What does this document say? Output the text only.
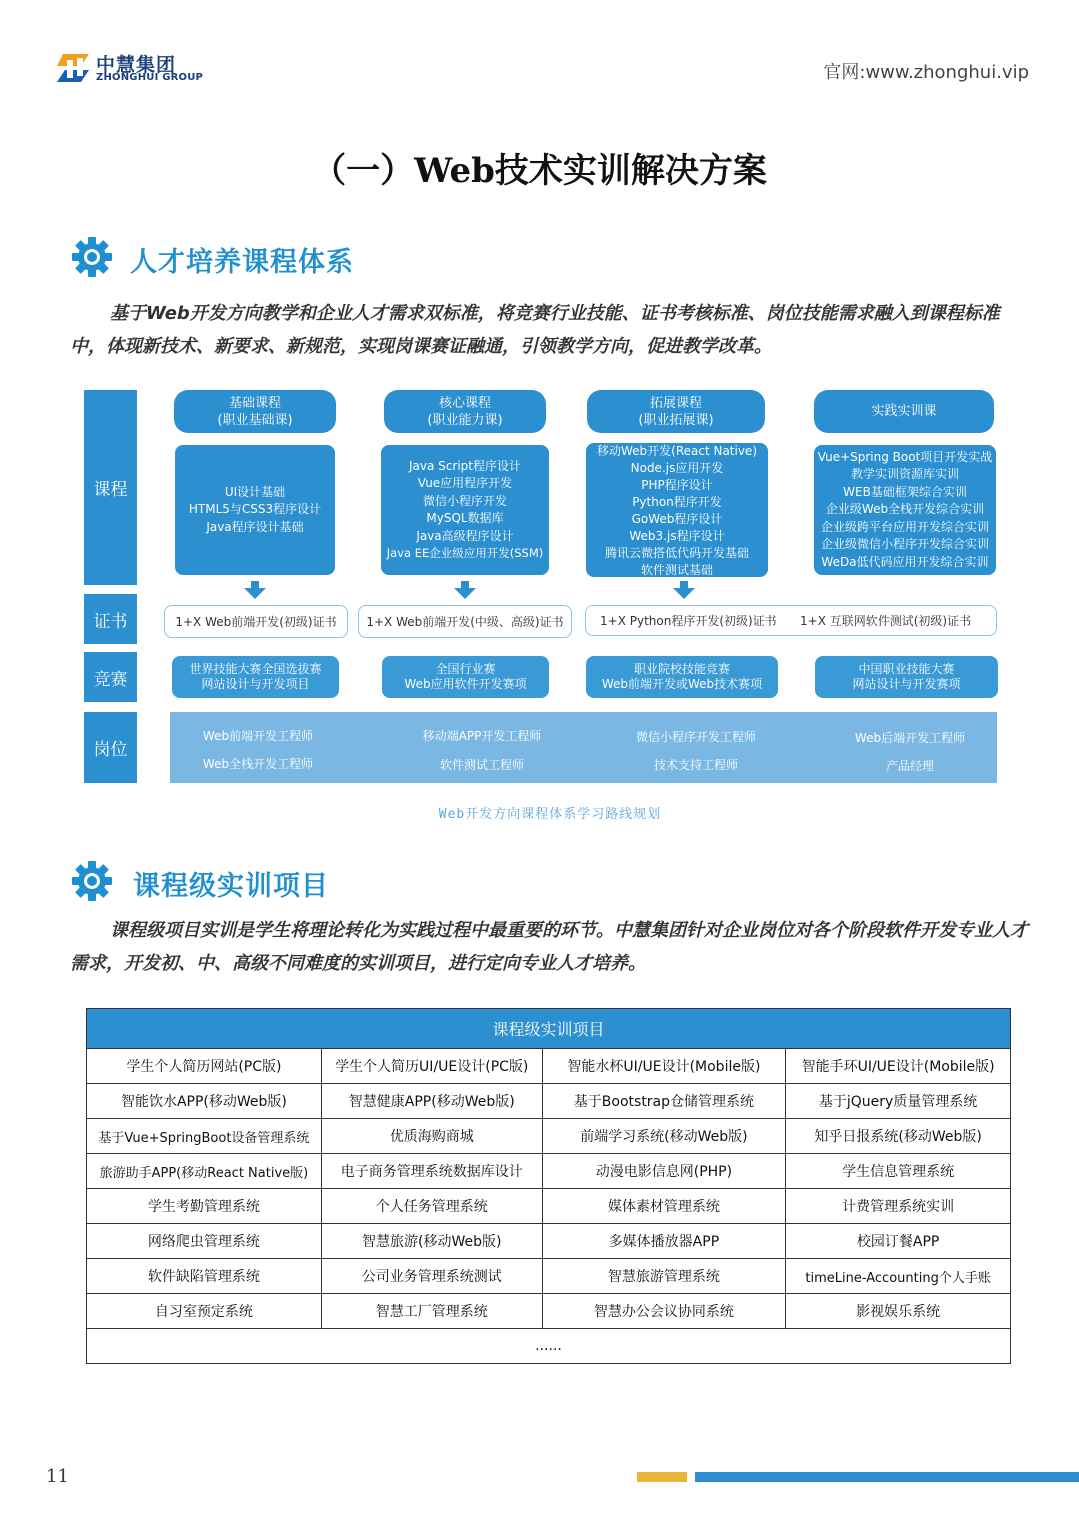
中慧集团
ZHONGHUI GROUP	官网:www.zhonghui.vip
（一）Web技术实训解决方案
人才培养课程体系
基于Web开发方向教学和企业人才需求双标准，将竞赛行业技能、证书考核标准、岗位技能需求融入到课程标准中，体现新技术、新要求、新规范，实现岗课赛证融通，引领教学方向，促进教学改革。
课程
证书
竞赛
岗位
基础课程
(职业基础课)
核心课程
(职业能力课)
拓展课程
(职业拓展课)
实践实训课
UI设计基础
HTML5与CSS3程序设计
Java程序设计基础
Java Script程序设计
Vue应用程序开发
微信小程序开发
MySQL数据库
Java高级程序设计
Java EE企业级应用开发(SSM)
移动Web开发(React Native)
Node.js应用开发
PHP程序设计
Python程序开发
GoWeb程序设计
Web3.js程序设计
腾讯云微搭低代码开发基础
软件测试基础
Vue+Spring Boot项目开发实战
教学实训资源库实训
WEB基础框架综合实训
企业级Web全栈开发综合实训
企业级跨平台应用开发综合实训
企业级微信小程序开发综合实训
WeDa低代码应用开发综合实训
1+X Web前端开发(初级)证书	1+X Web前端开发(中级、高级)证书	1+X Python程序开发(初级)证书	1+X 互联网软件测试(初级)证书
世界技能大赛全国选拔赛
网站设计与开发项目
全国行业赛
Web应用软件开发赛项
职业院校技能竞赛
Web前端开发或Web技术赛项
中国职业技能大赛
网站设计与开发赛项
Web前端开发工程师
Web全栈开发工程师
移动端APP开发工程师
软件测试工程师
微信小程序开发工程师
技术支持工程师
Web后端开发工程师
产品经理
Web开发方向课程体系学习路线规划
课程级实训项目
课程级项目实训是学生将理论转化为实践过程中最重要的环节。中慧集团针对企业岗位对各个阶段软件开发专业人才需求，开发初、中、高级不同难度的实训项目，进行定向专业人才培养。
课程级实训项目			
学生个人简历网站(PC版)	学生个人简历UI/UE设计(PC版)	智能水杯UI/UE设计(Mobile版)	智能手环UI/UE设计(Mobile版)
智能饮水APP(移动Web版)	智慧健康APP(移动Web版)	基于Bootstrap仓储管理系统	基于jQuery质量管理系统
基于Vue+SpringBoot设备管理系统	优质海购商城	前端学习系统(移动Web版)	知乎日报系统(移动Web版)
旅游助手APP(移动React Native版)	电子商务管理系统数据库设计	动漫电影信息网(PHP)	学生信息管理系统
学生考勤管理系统	个人任务管理系统	媒体素材管理系统	计费管理系统实训
网络爬虫管理系统	智慧旅游(移动Web版)	多媒体播放器APP	校园订餐APP
软件缺陷管理系统	公司业务管理系统测试	智慧旅游管理系统	timeLine-Accounting个人手账
自习室预定系统	智慧工厂管理系统	智慧办公会议协同系统	影视娱乐系统
......			
11
